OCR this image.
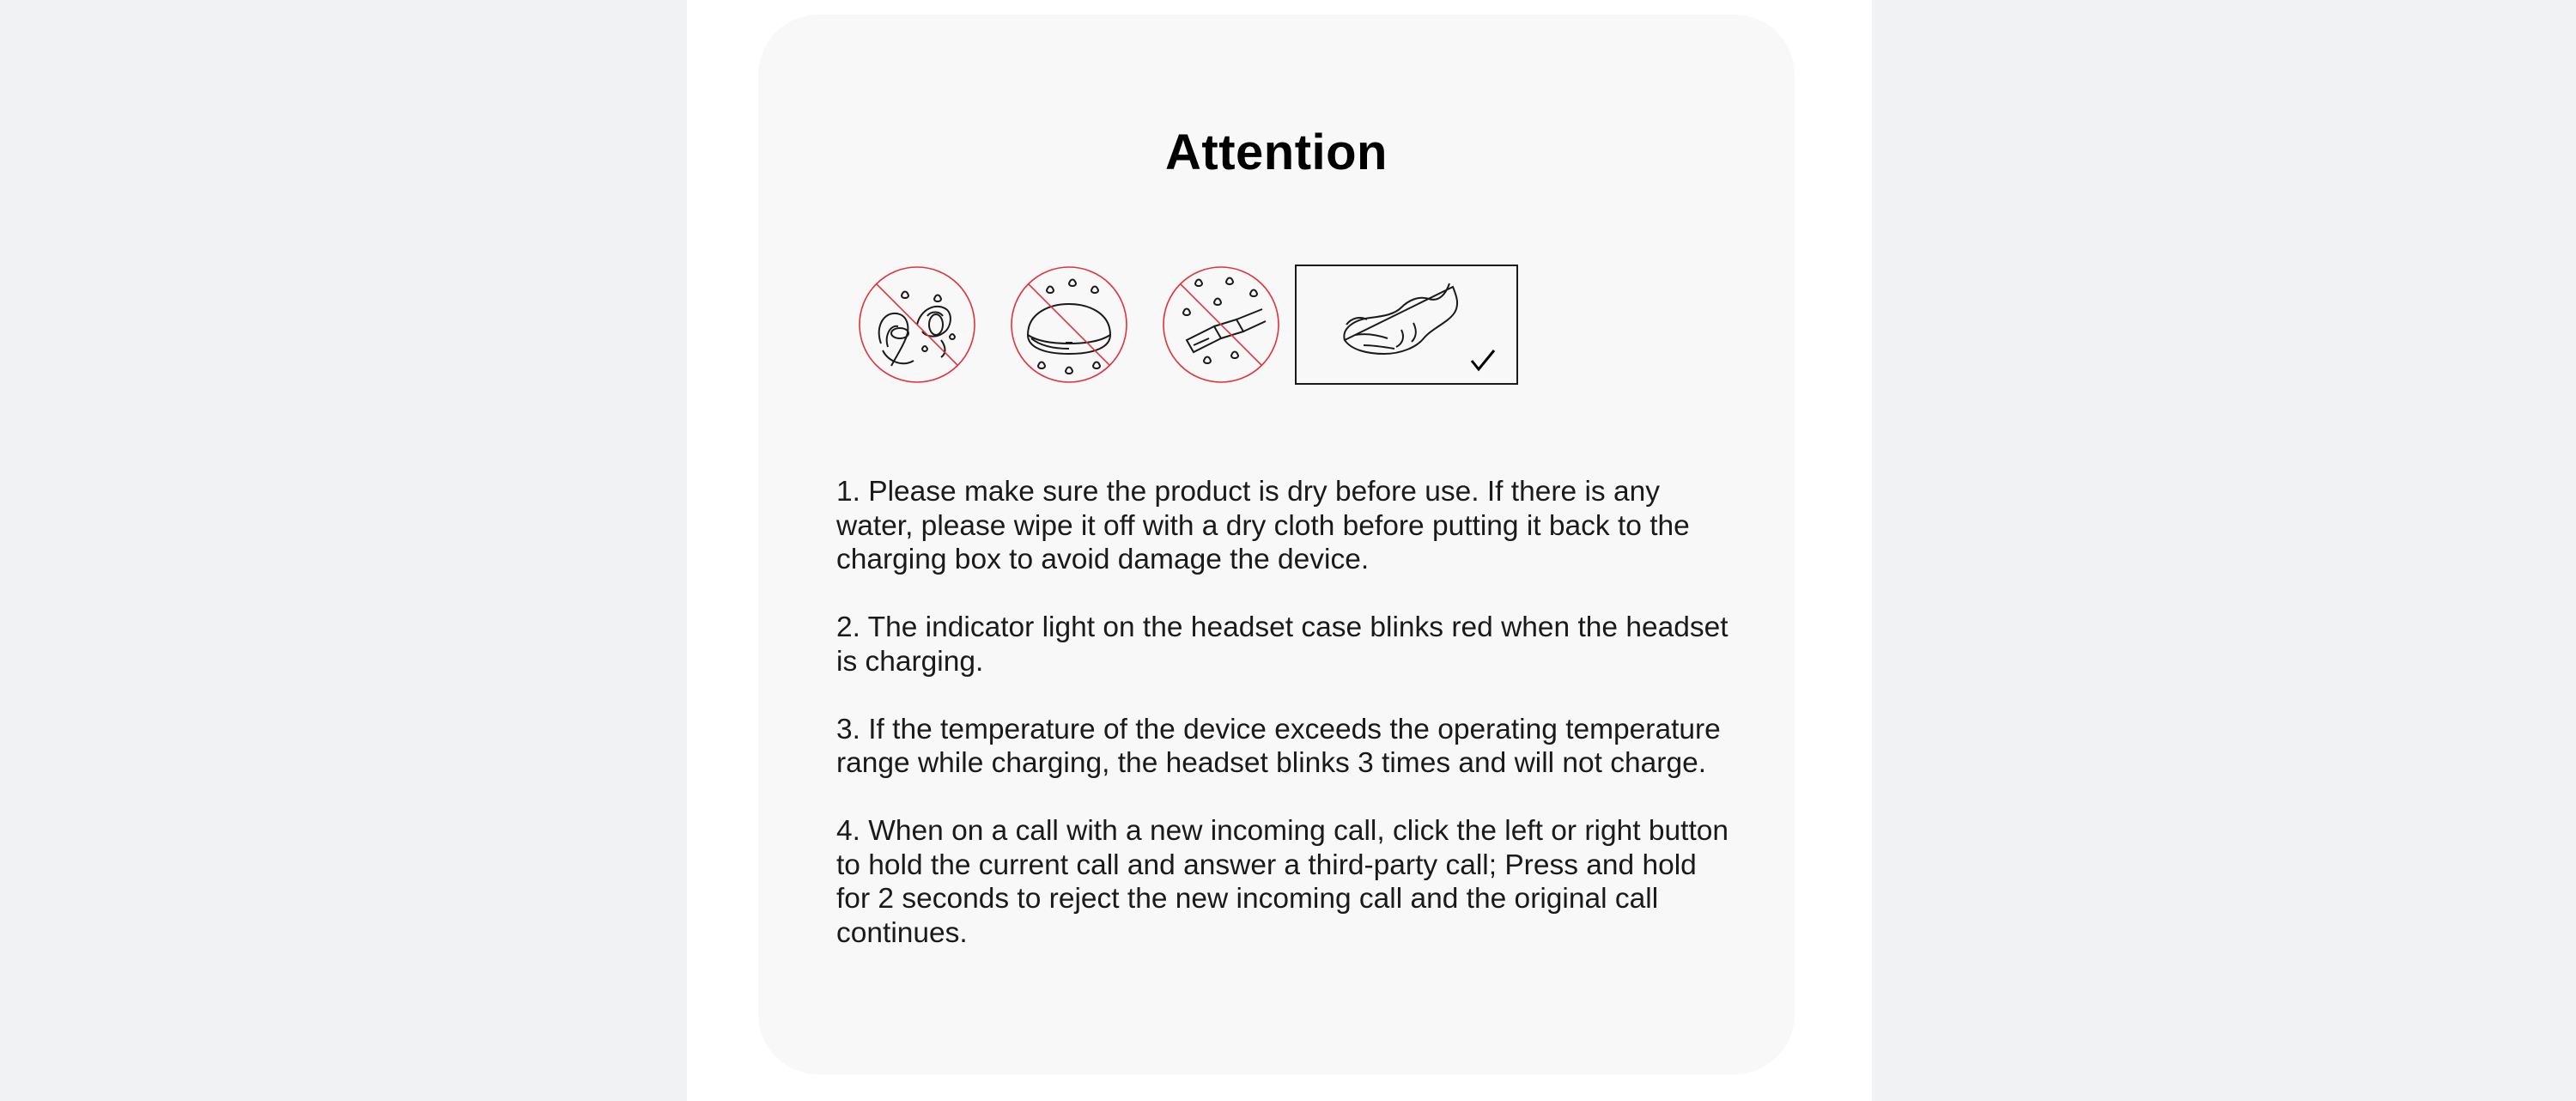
Attention
1. Please make sure the product is dry before use. If there is any water, please wipe it off with a dry cloth before putting it back to the charging box to avoid damage the device.
2. The indicator light on the headset case blinks red when the headset is charging.
3. If the temperature of the device exceeds the operating temperature range while charging, the headset blinks 3 times and will not charge.
4. When on a call with a new incoming call, click the left or right button to hold the current call and answer a third-party call; Press and hold for 2 seconds to reject the new incoming call and the original call continues.
